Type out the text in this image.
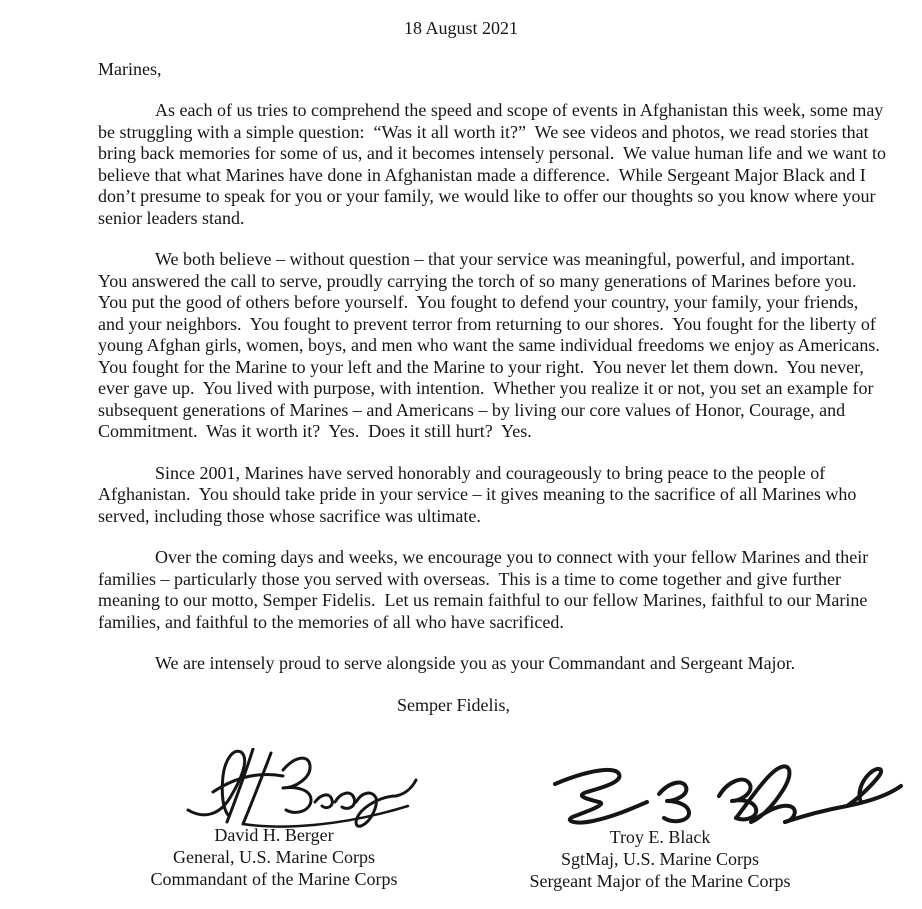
18 August 2021
Marines,

As each of us tries to comprehend the speed and scope of events in Afghanistan this week, some may be struggling with a simple question:  “Was it all worth it?”  We see videos and photos, we read stories that bring back memories for some of us, and it becomes intensely personal.  We value human life and we want to believe that what Marines have done in Afghanistan made a difference.  While Sergeant Major Black and I don’t presume to speak for you or your family, we would like to offer our thoughts so you know where your senior leaders stand.

We both believe – without question – that your service was meaningful, powerful, and important.  You answered the call to serve, proudly carrying the torch of so many generations of Marines before you.  You put the good of others before yourself.  You fought to defend your country, your family, your friends, and your neighbors.  You fought to prevent terror from returning to our shores.  You fought for the liberty of young Afghan girls, women, boys, and men who want the same individual freedoms we enjoy as Americans.  You fought for the Marine to your left and the Marine to your right.  You never let them down.  You never, ever gave up.  You lived with purpose, with intention.  Whether you realize it or not, you set an example for subsequent generations of Marines – and Americans – by living our core values of Honor, Courage, and Commitment.  Was it worth it?  Yes.  Does it still hurt?  Yes.

Since 2001, Marines have served honorably and courageously to bring peace to the people of Afghanistan.  You should take pride in your service – it gives meaning to the sacrifice of all Marines who served, including those whose sacrifice was ultimate.

Over the coming days and weeks, we encourage you to connect with your fellow Marines and their families – particularly those you served with overseas.  This is a time to come together and give further meaning to our motto, Semper Fidelis.  Let us remain faithful to our fellow Marines, faithful to our Marine families, and faithful to the memories of all who have sacrificed.

We are intensely proud to serve alongside you as your Commandant and Sergeant Major.

Semper Fidelis,
David H. Berger
General, U.S. Marine Corps
Commandant of the Marine Corps
Troy E. Black
SgtMaj, U.S. Marine Corps
Sergeant Major of the Marine Corps
